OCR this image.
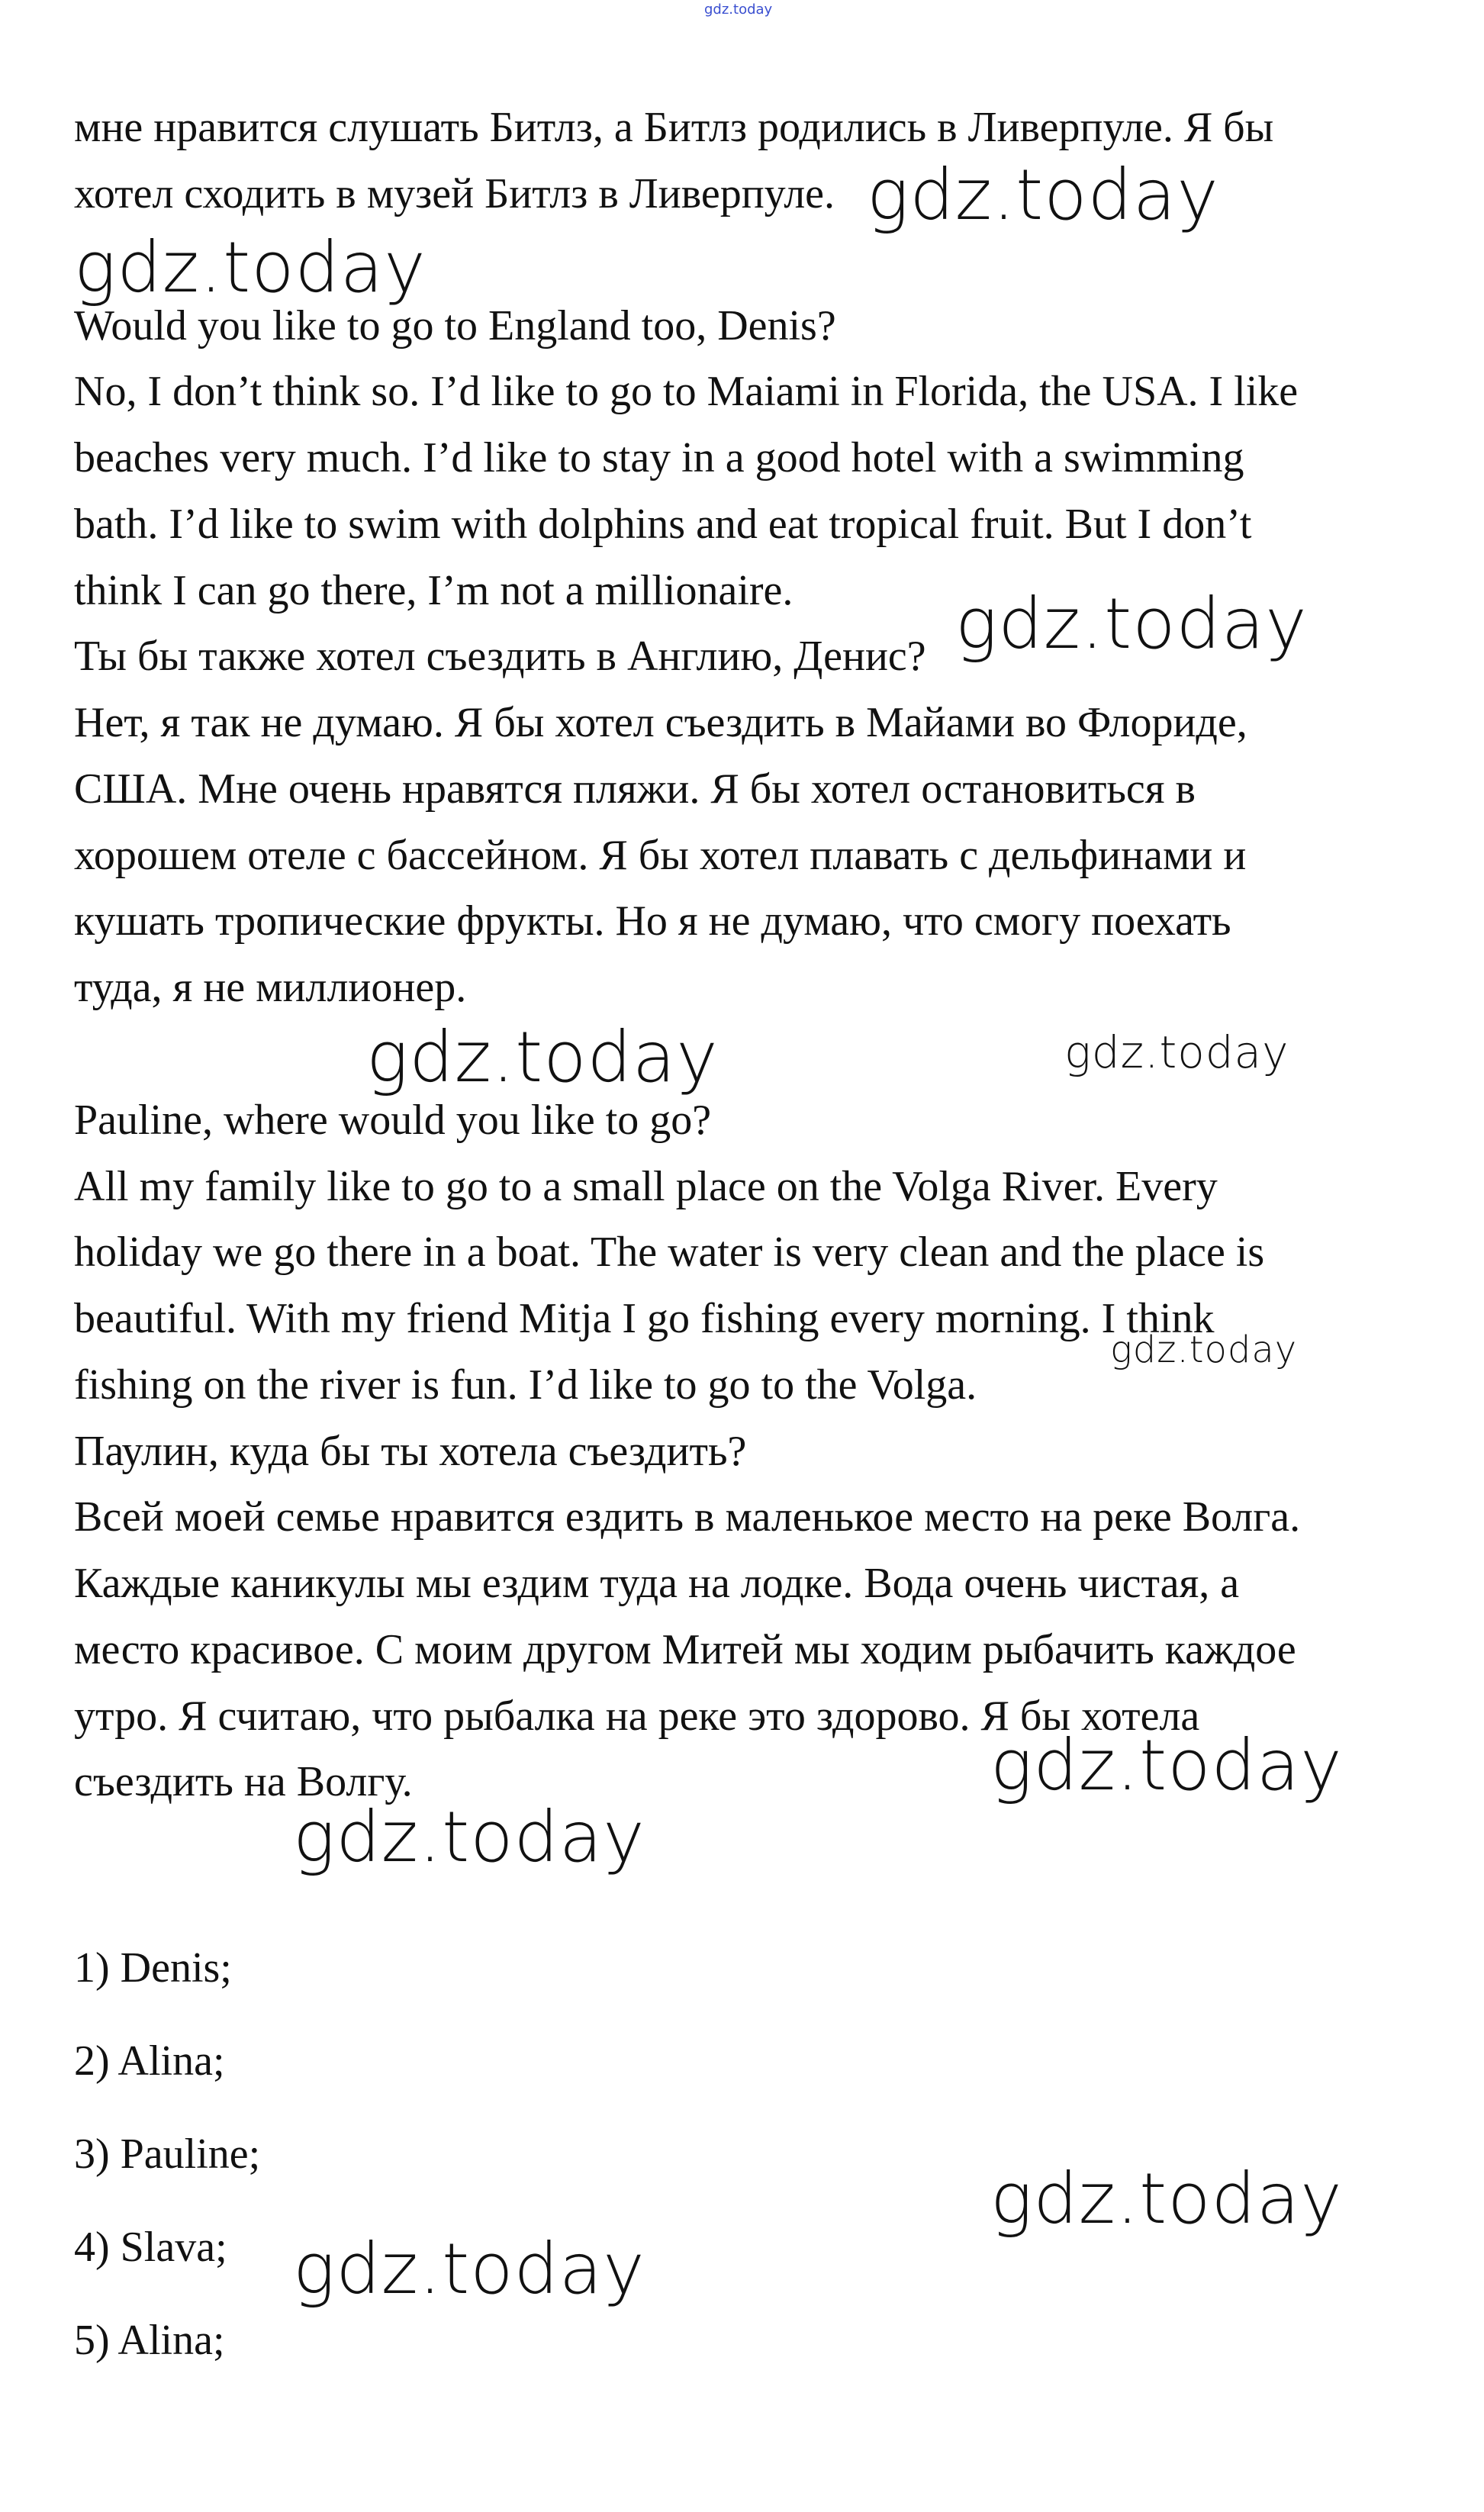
gdz.today

мне нравится слушать Битлз, а Битлз родились в Ливерпуле. Я бы

хотел сходить в музей Битлз в Ливерпуле.

Would you like to go to England too, Denis?

No, I don’t think so. I’d like to go to Maiami in Florida, the USA. I like

beaches very much. I’d like to stay in a good hotel with a swimming

bath. I’d like to swim with dolphins and eat tropical fruit. But I don’t

think I can go there, I’m not a millionaire.

Ты бы также хотел съездить в Англию, Денис?

Нет, я так не думаю. Я бы хотел съездить в Майами во Флориде,

США. Мне очень нравятся пляжи. Я бы хотел остановиться в

хорошем отеле с бассейном. Я бы хотел плавать с дельфинами и

кушать тропические фрукты. Но я не думаю, что смогу поехать

туда, я не миллионер.

Pauline, where would you like to go?

All my family like to go to a small place on the Volga River. Every

holiday we go there in a boat. The water is very clean and the place is

beautiful. With my friend Mitja I go fishing every morning. I think

fishing on the river is fun. I’d like to go to the Volga.

Паулин, куда бы ты хотела съездить?

Всей моей семье нравится ездить в маленькое место на реке Волга.

Каждые каникулы мы ездим туда на лодке. Вода очень чистая, а

место красивое. С моим другом Митей мы ходим рыбачить каждое

утро. Я считаю, что рыбалка на реке это здорово. Я бы хотела

съездить на Волгу.

1) Denis;

2) Alina;

3) Pauline;

4) Slava;

5) Alina;

gdz.today
gdz.today
gdz.today
gdz.today	gdz.today
gdz.today
gdz.today
gdz.today
gdz.today
gdz.today
